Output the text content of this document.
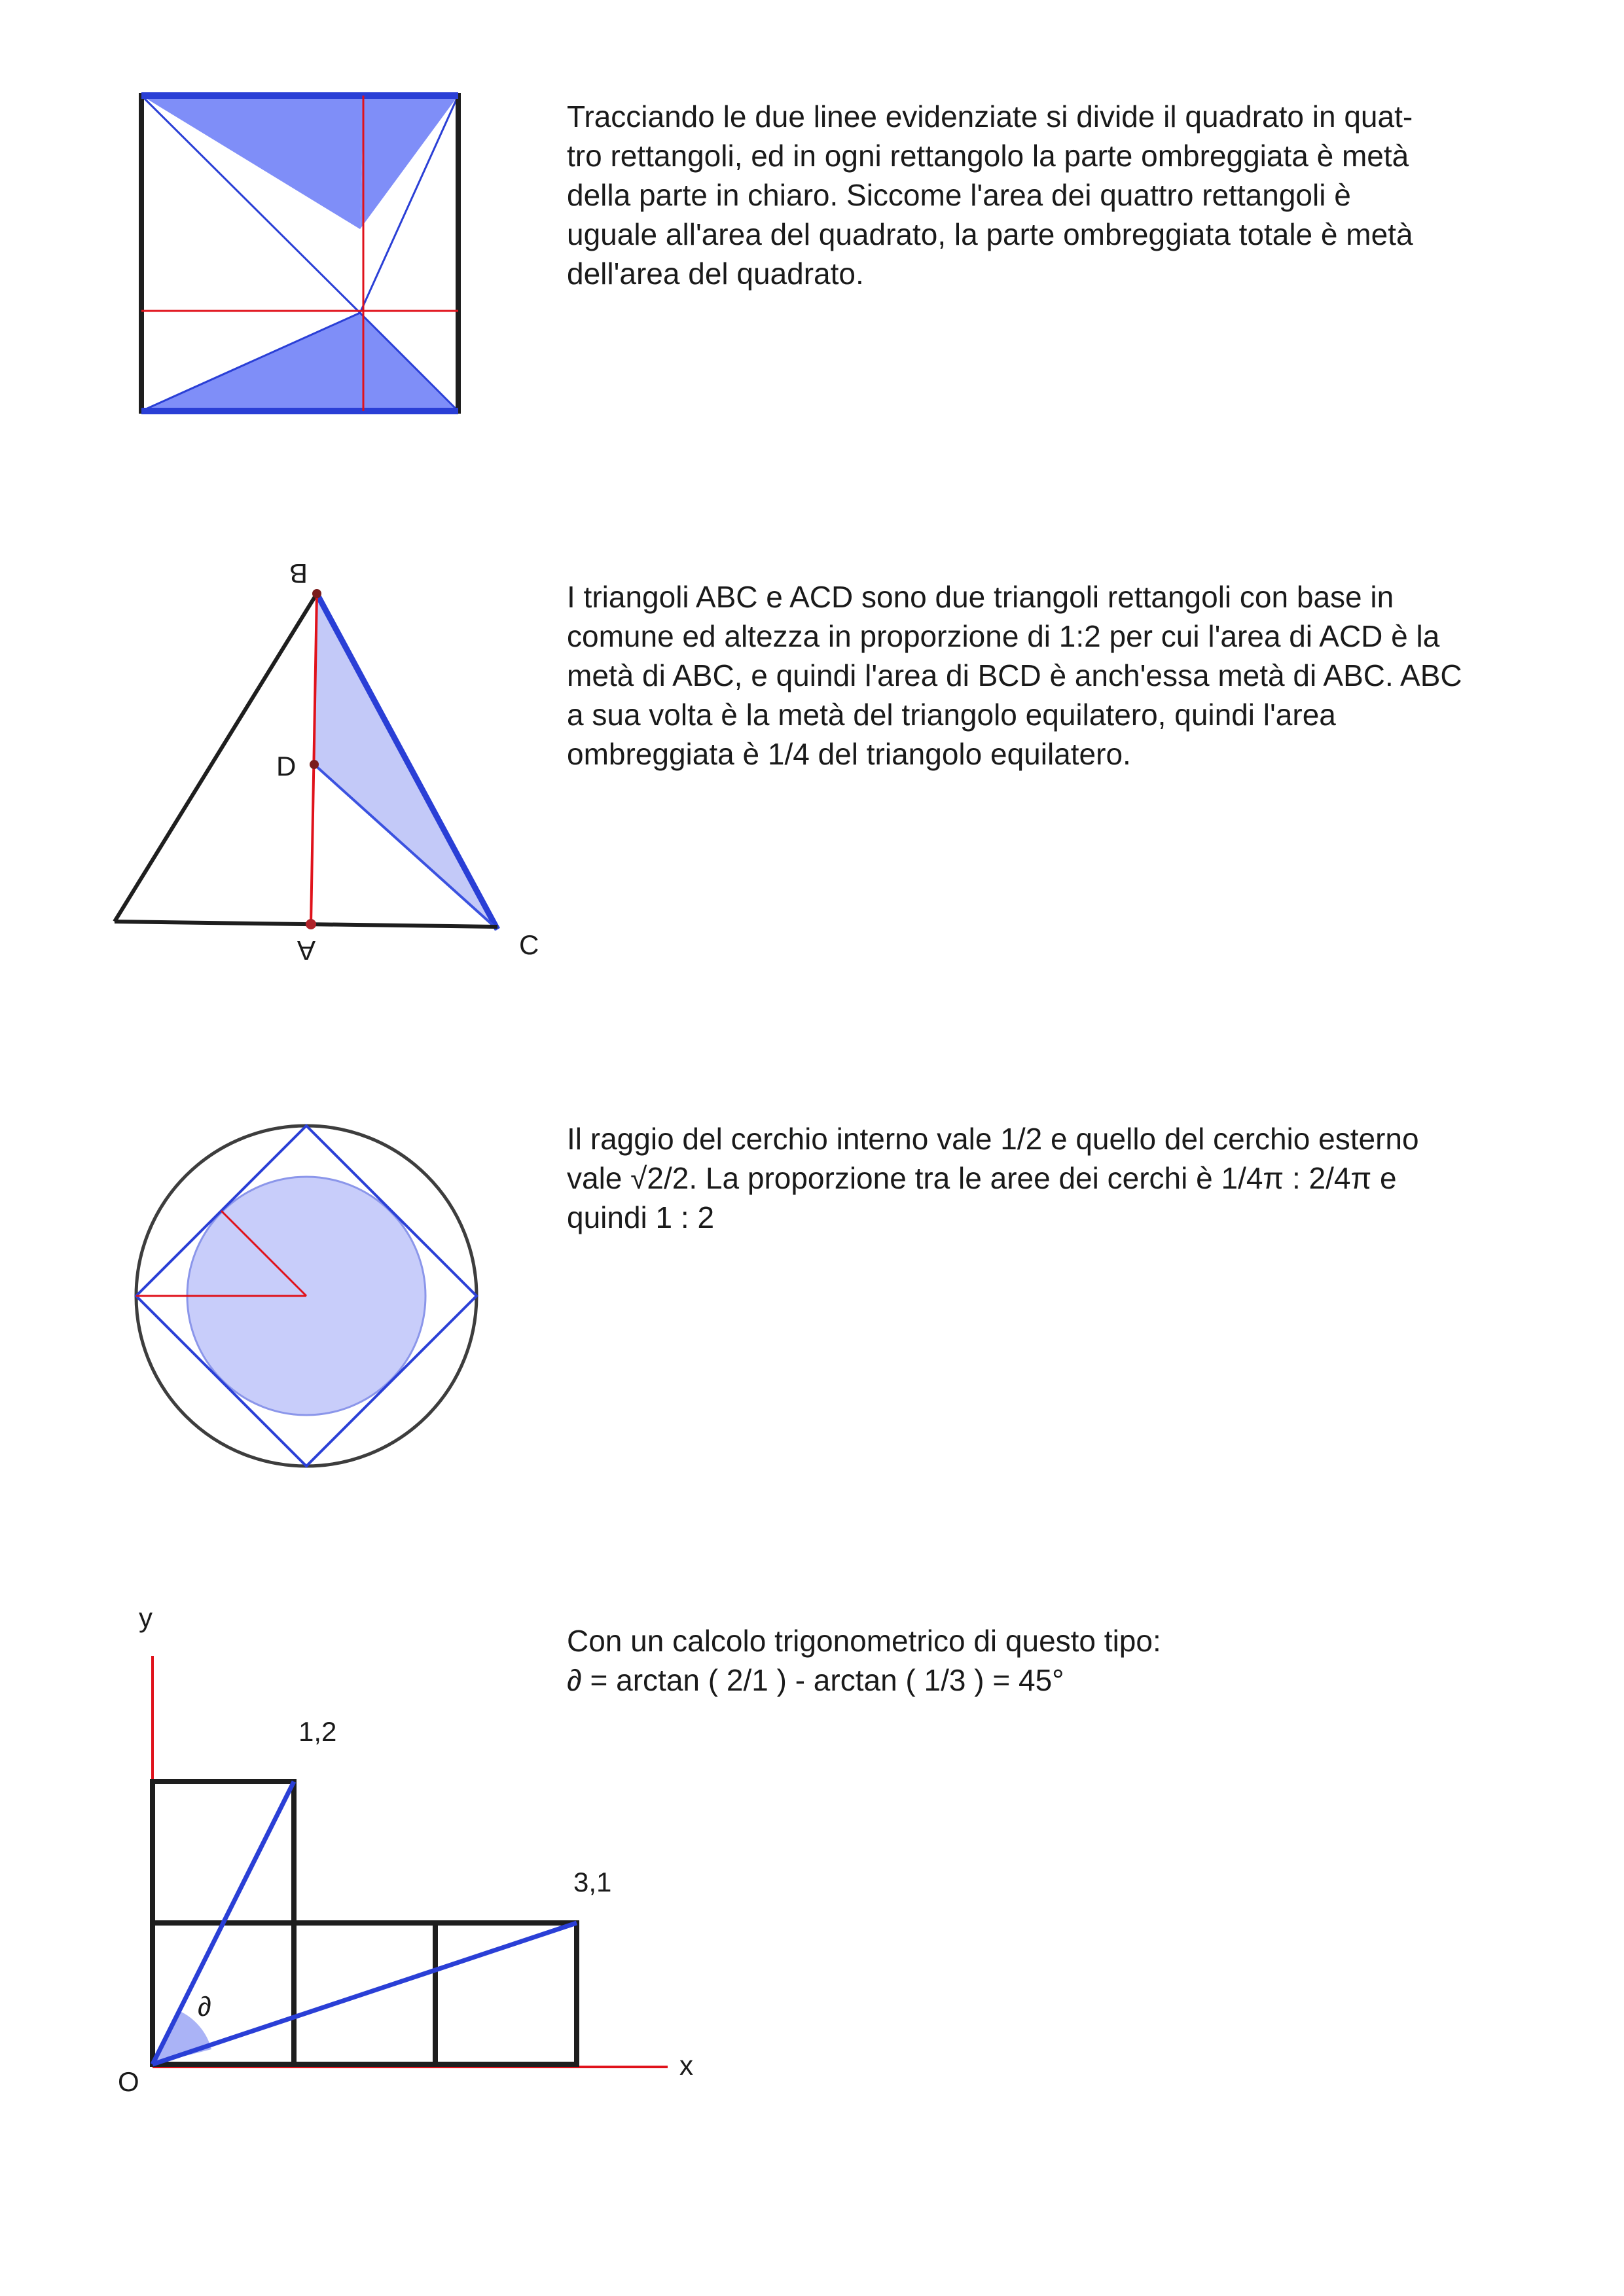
Tracciando le due linee evidenziate si divide il quadrato in quat-
tro rettangoli, ed in ogni rettangolo la parte ombreggiata è metà
della parte in chiaro. Siccome l'area dei quattro rettangoli è
uguale all'area del quadrato, la parte ombreggiata totale è metà
dell'area del quadrato.
B
D
A	C
I triangoli ABC e ACD sono due triangoli rettangoli con base in
comune ed altezza in proporzione di 1:2 per cui l'area di ACD è la
metà di ABC, e quindi l'area di BCD è anch'essa metà di ABC. ABC
a sua volta è la metà del triangolo equilatero, quindi l'area
ombreggiata è 1/4 del triangolo equilatero.
Il raggio del cerchio interno vale 1/2 e quello del cerchio esterno
vale √2/2. La proporzione tra le aree dei cerchi è 1/4π : 2/4π e
quindi 1 : 2
y
x
O
1,2
3,1
∂
Con un calcolo trigonometrico di questo tipo:
∂ = arctan ( 2/1 ) - arctan ( 1/3 ) = 45°
